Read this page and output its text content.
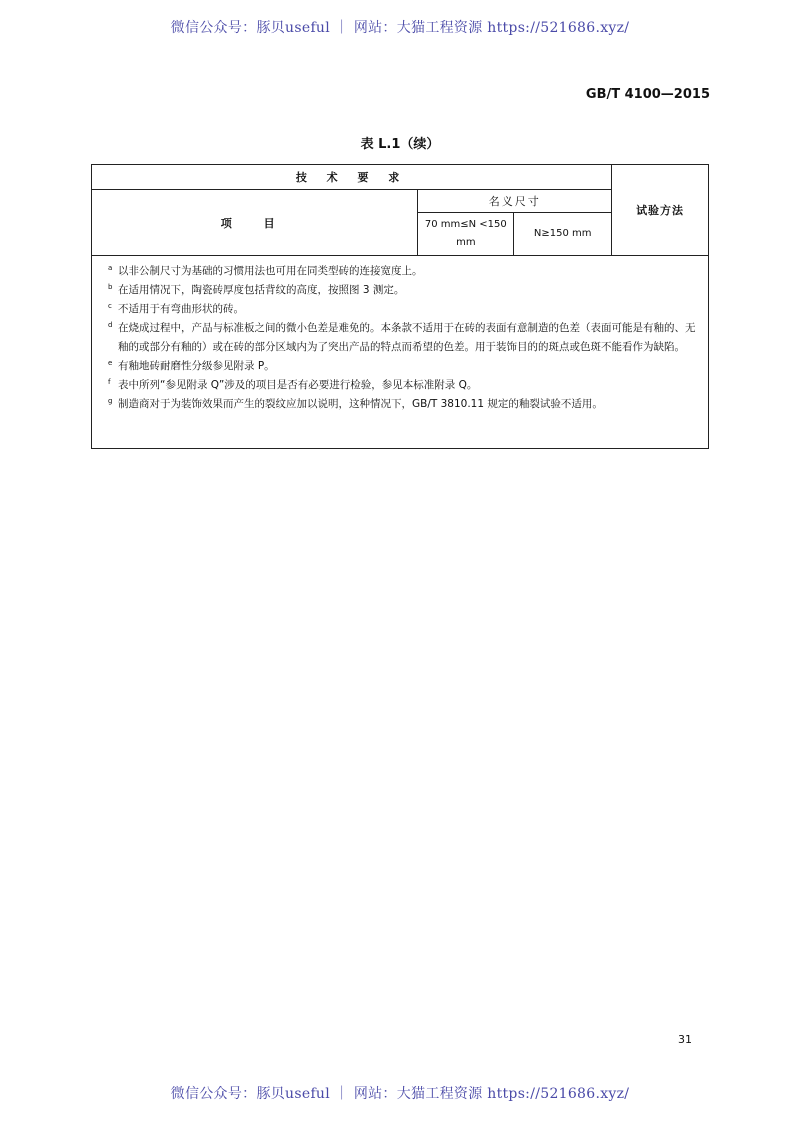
微信公众号：豚贝useful ｜ 网站：大猫工程资源 https://521686.xyz/
GB/T 4100—2015
表 L.1（续）
技 术 要 求			试验方法
项 目	名义尺寸		
	70 mm≤N <150 mm	N≥150 mm	
a 以非公制尺寸为基础的习惯用法也可用在同类型砖的连接宽度上。
b 在适用情况下，陶瓷砖厚度包括背纹的高度，按照图 3 测定。
c 不适用于有弯曲形状的砖。
d 在烧成过程中，产品与标准板之间的微小色差是难免的。本条款不适用于在砖的表面有意制造的色差（表面可能是有釉的、无釉的或部分有釉的）或在砖的部分区域内为了突出产品的特点而希望的色差。用于装饰目的的斑点或色斑不能看作为缺陷。
e 有釉地砖耐磨性分级参见附录 P。
f 表中所列“参见附录 Q”涉及的项目是否有必要进行检验，参见本标准附录 Q。
g 制造商对于为装饰效果而产生的裂纹应加以说明，这种情况下，GB/T 3810.11 规定的釉裂试验不适用。
31
微信公众号：豚贝useful ｜ 网站：大猫工程资源 https://521686.xyz/
